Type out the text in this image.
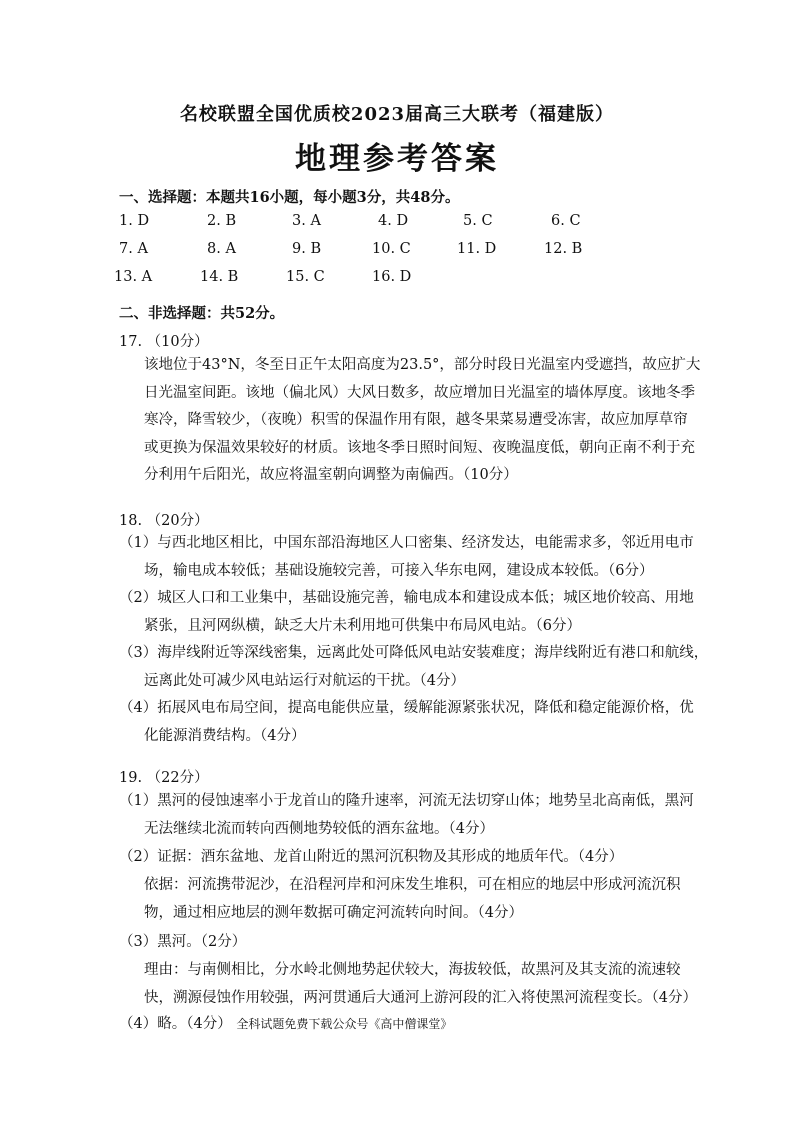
名校联盟全国优质校2023届高三大联考（福建版）
地理参考答案
一、选择题：本题共16小题，每小题3分，共48分。
1. D	2. B	3. A	4. D	5. C	6. C
7. A	8. A	9. B	10. C	11. D	12. B
13. A	14. B	15. C	16. D
二、非选择题：共52分。
17. （10分）
该地位于43°N，冬至日正午太阳高度为23.5°，部分时段日光温室内受遮挡，故应扩大
日光温室间距。该地（偏北风）大风日数多，故应增加日光温室的墙体厚度。该地冬季
寒冷，降雪较少，（夜晚）积雪的保温作用有限，越冬果菜易遭受冻害，故应加厚草帘
或更换为保温效果较好的材质。该地冬季日照时间短、夜晚温度低，朝向正南不利于充
分利用午后阳光，故应将温室朝向调整为南偏西。（10分）
18. （20分）
（1）与西北地区相比，中国东部沿海地区人口密集、经济发达，电能需求多，邻近用电市
场，输电成本较低；基础设施较完善，可接入华东电网，建设成本较低。（6分）
（2）城区人口和工业集中，基础设施完善，输电成本和建设成本低；城区地价较高、用地
紧张，且河网纵横，缺乏大片未利用地可供集中布局风电站。（6分）
（3）海岸线附近等深线密集，远离此处可降低风电站安装难度；海岸线附近有港口和航线，
远离此处可减少风电站运行对航运的干扰。（4分）
（4）拓展风电布局空间，提高电能供应量，缓解能源紧张状况，降低和稳定能源价格，优
化能源消费结构。（4分）
19. （22分）
（1）黑河的侵蚀速率小于龙首山的隆升速率，河流无法切穿山体；地势呈北高南低，黑河
无法继续北流而转向西侧地势较低的酒东盆地。（4分）
（2）证据：酒东盆地、龙首山附近的黑河沉积物及其形成的地质年代。（4分）
依据：河流携带泥沙，在沿程河岸和河床发生堆积，可在相应的地层中形成河流沉积
物，通过相应地层的测年数据可确定河流转向时间。（4分）
（3）黑河。（2分）
理由：与南侧相比，分水岭北侧地势起伏较大，海拔较低，故黑河及其支流的流速较
快，溯源侵蚀作用较强，两河贯通后大通河上游河段的汇入将使黑河流程变长。（4分）
（4）略。（4分） 全科试题免费下载公众号《高中僧课堂》
